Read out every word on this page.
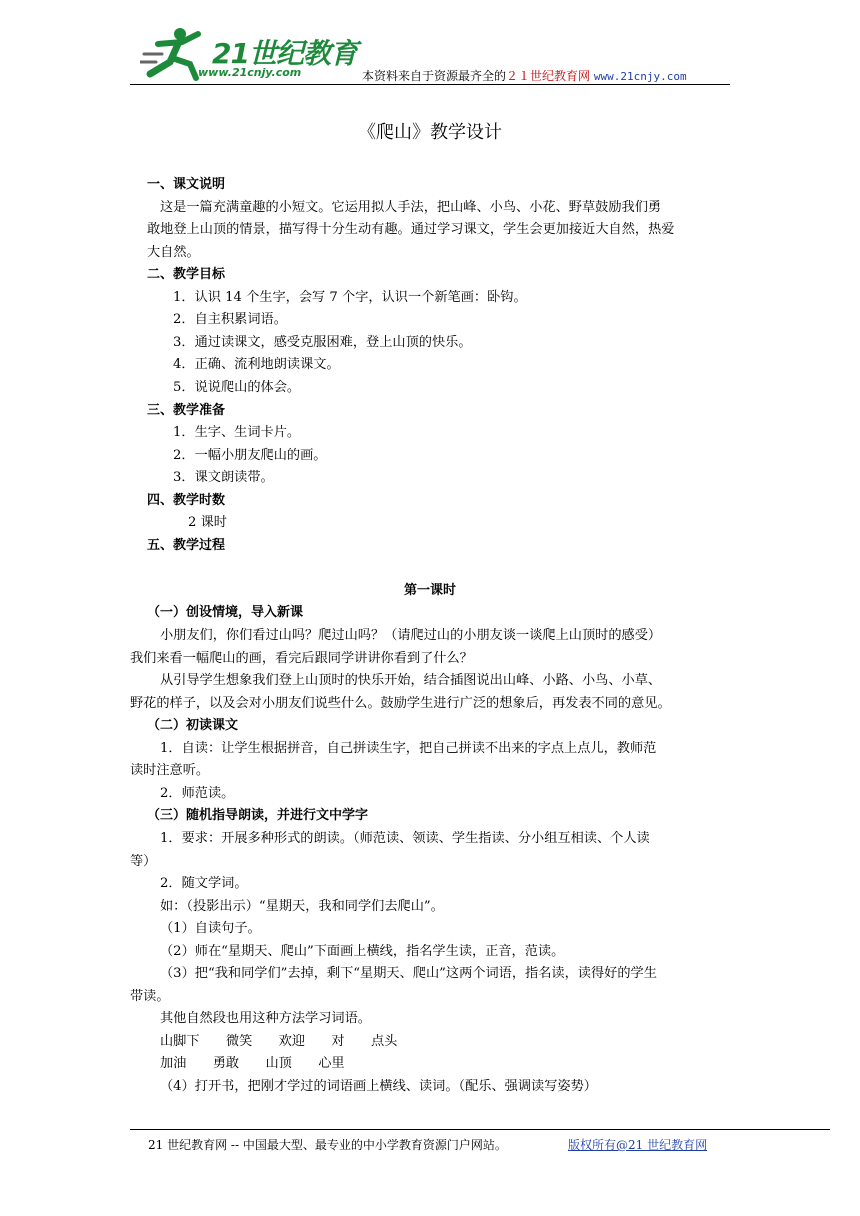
21世纪教育
www.21cnjy.com	本资料来自于资源最齐全的２１世纪教育网 www.21cnjy.com
《爬山》教学设计
一、课文说明
这是一篇充满童趣的小短文。它运用拟人手法，把山峰、小鸟、小花、野草鼓励我们勇
敢地登上山顶的情景，描写得十分生动有趣。通过学习课文，学生会更加接近大自然，热爱
大自然。
二、教学目标
1．认识 14 个生字，会写 7 个字，认识一个新笔画：卧钩。
2．自主积累词语。
3．通过读课文，感受克服困难，登上山顶的快乐。
4．正确、流利地朗读课文。
5．说说爬山的体会。
三、教学准备
1．生字、生词卡片。
2．一幅小朋友爬山的画。
3．课文朗读带。
四、教学时数
2 课时
五、教学过程
第一课时
（一）创设情境，导入新课
小朋友们，你们看过山吗？爬过山吗？（请爬过山的小朋友谈一谈爬上山顶时的感受）
我们来看一幅爬山的画，看完后跟同学讲讲你看到了什么？
从引导学生想象我们登上山顶时的快乐开始，结合插图说出山峰、小路、小鸟、小草、
野花的样子，以及会对小朋友们说些什么。鼓励学生进行广泛的想象后，再发表不同的意见。
（二）初读课文
1．自读：让学生根据拼音，自己拼读生字，把自己拼读不出来的字点上点儿，教师范
读时注意听。
2．师范读。
（三）随机指导朗读，并进行文中学字
1．要求：开展多种形式的朗读。（师范读、领读、学生指读、分小组互相读、个人读
等）
2．随文学词。
如：（投影出示）“星期天，我和同学们去爬山”。
（1）自读句子。
（2）师在“星期天、爬山”下面画上横线，指名学生读，正音，范读。
（3）把“我和同学们”去掉，剩下“星期天、爬山”这两个词语，指名读，读得好的学生
带读。
其他自然段也用这种方法学习词语。
山脚下　　微笑　　欢迎　　对　　点头
加油　　勇敢　　山顶　　心里
（4）打开书，把刚才学过的词语画上横线、读词。（配乐、强调读写姿势）
21 世纪教育网 -- 中国最大型、最专业的中小学教育资源门户网站。	版权所有@21 世纪教育网
